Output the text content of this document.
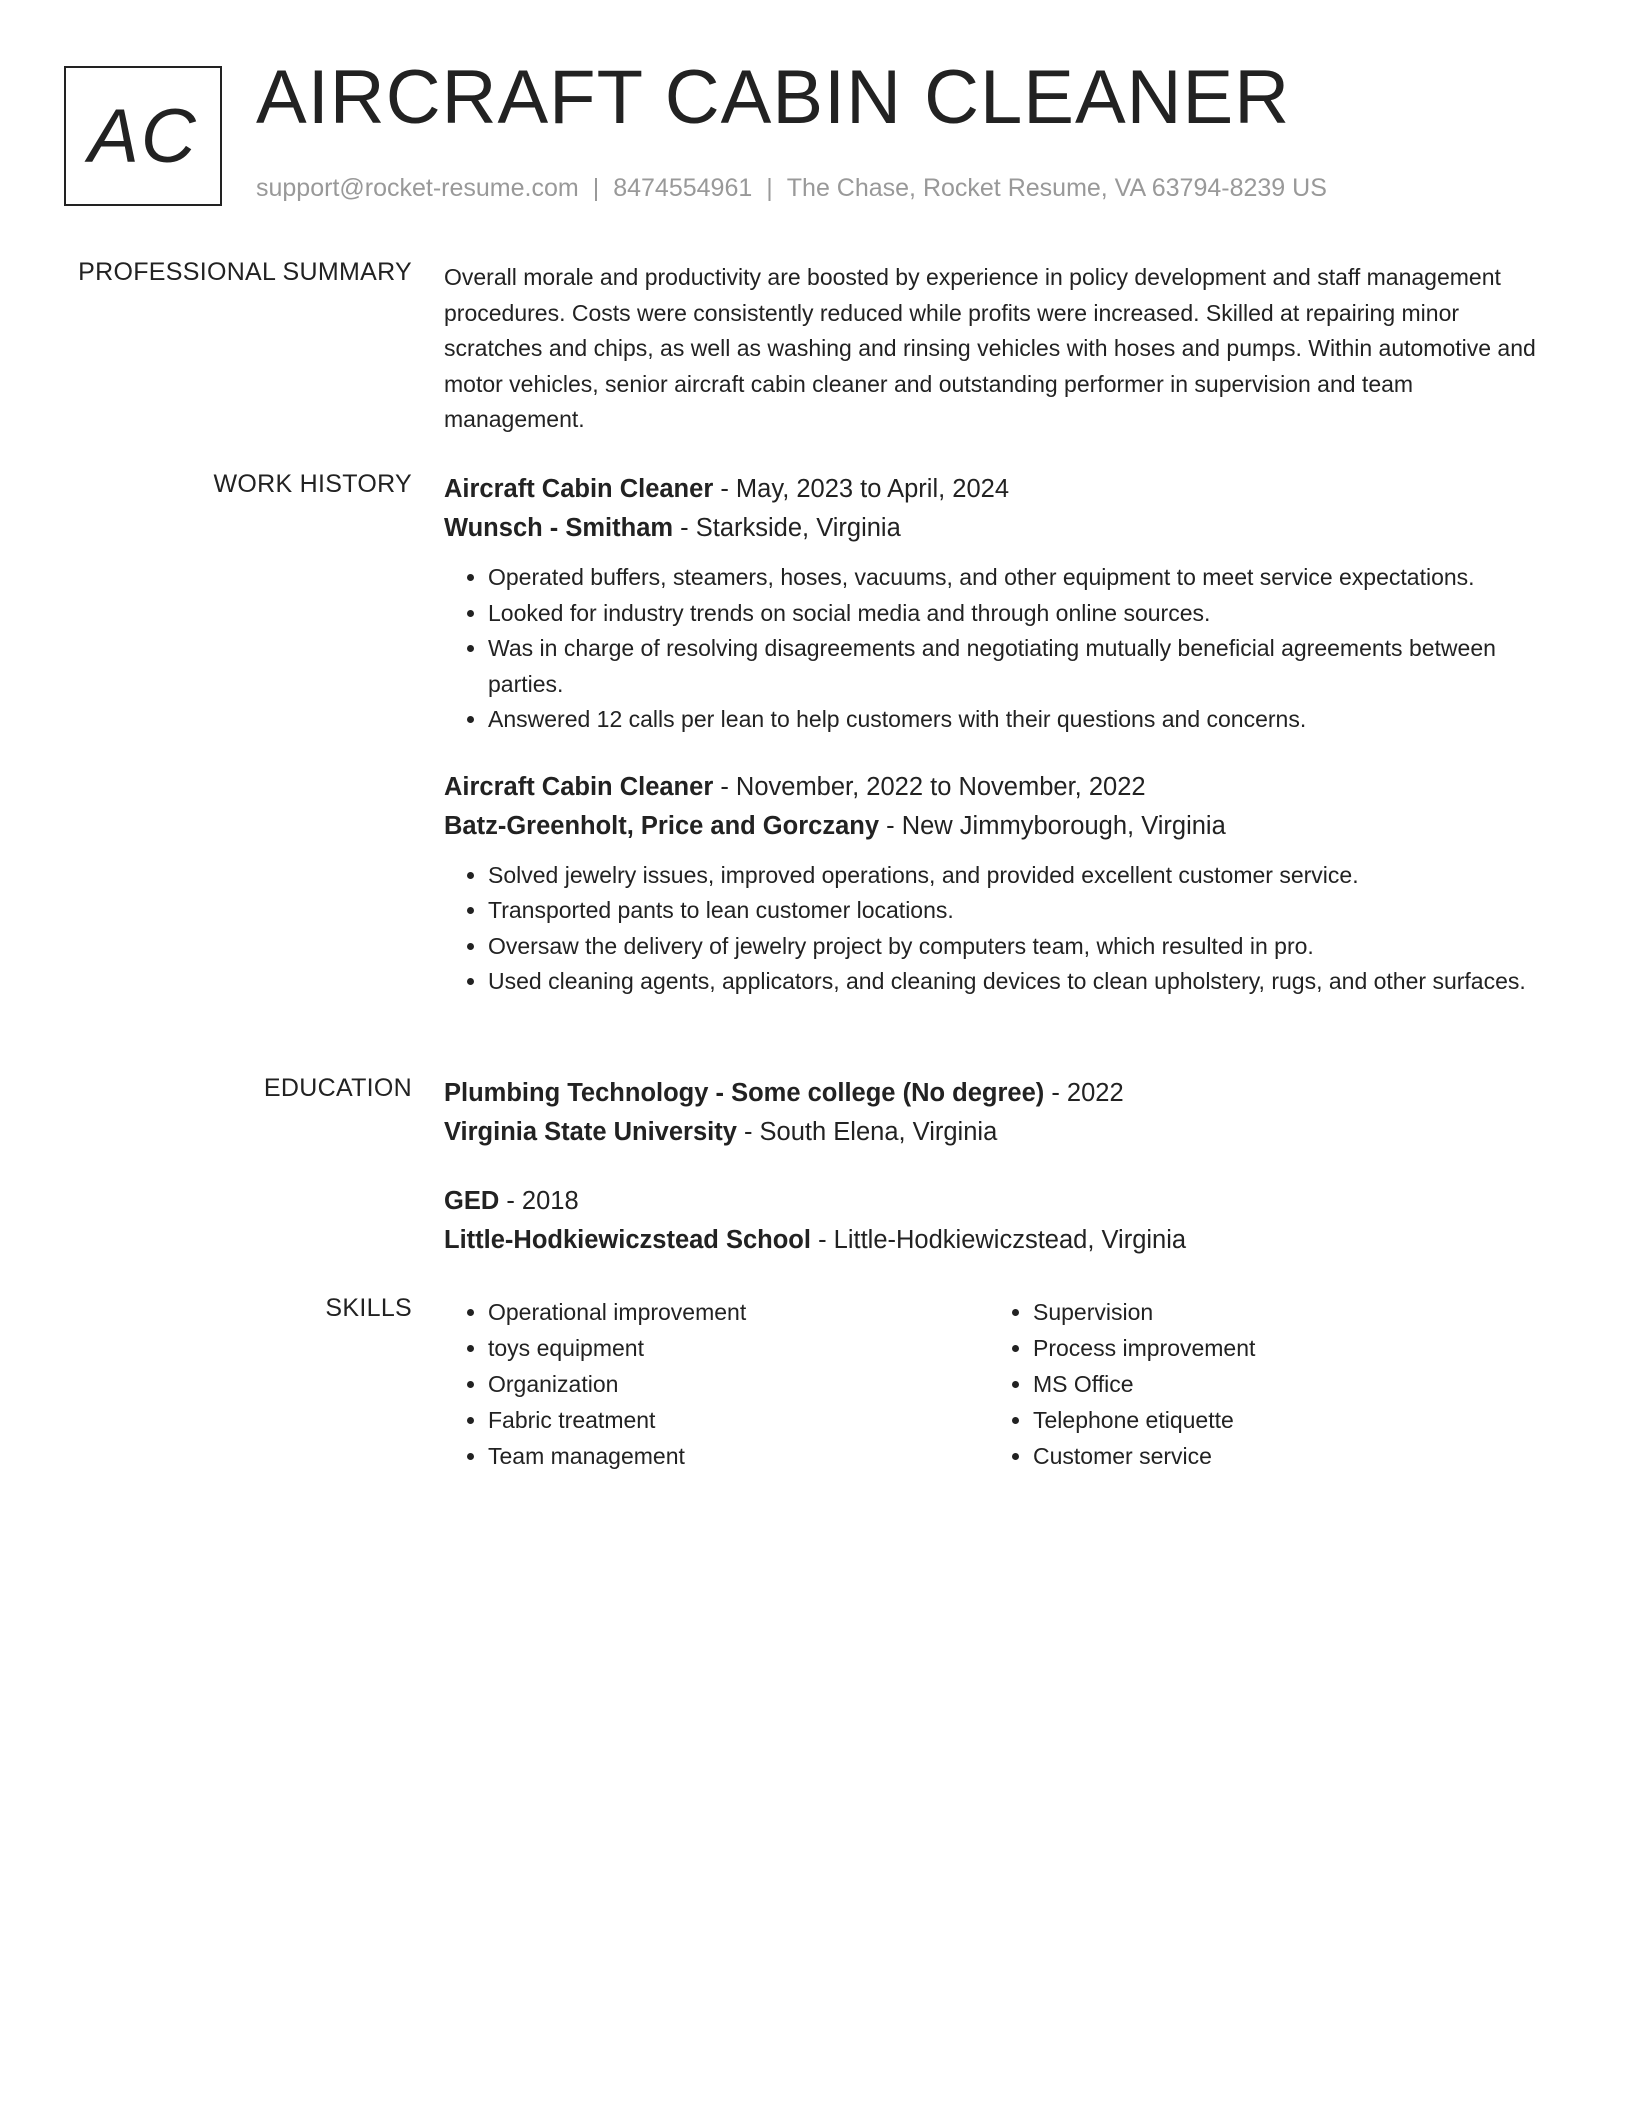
AC AIRCRAFT CABIN CLEANER
support@rocket-resume.com | 8474554961 | The Chase, Rocket Resume, VA 63794-8239 US
PROFESSIONAL SUMMARY Overall morale and productivity are boosted by experience in policy development and staff management procedures. Costs were consistently reduced while profits were increased. Skilled at repairing minor scratches and chips, as well as washing and rinsing vehicles with hoses and pumps. Within automotive and motor vehicles, senior aircraft cabin cleaner and outstanding performer in supervision and team management.
WORK HISTORY Aircraft Cabin Cleaner - May, 2023 to April, 2024
Wunsch - Smitham - Starkside, Virginia
• Operated buffers, steamers, hoses, vacuums, and other equipment to meet service expectations.
• Looked for industry trends on social media and through online sources.
• Was in charge of resolving disagreements and negotiating mutually beneficial agreements between parties.
• Answered 12 calls per lean to help customers with their questions and concerns.
Aircraft Cabin Cleaner - November, 2022 to November, 2022
Batz-Greenholt, Price and Gorczany - New Jimmyborough, Virginia
• Solved jewelry issues, improved operations, and provided excellent customer service.
• Transported pants to lean customer locations.
• Oversaw the delivery of jewelry project by computers team, which resulted in pro.
• Used cleaning agents, applicators, and cleaning devices to clean upholstery, rugs, and other surfaces.
EDUCATION Plumbing Technology - Some college (No degree) - 2022
Virginia State University - South Elena, Virginia
GED - 2018
Little-Hodkiewiczstead School - Little-Hodkiewiczstead, Virginia
SKILLS
•	Operational improvement
• toys equipment
• Organization
• Fabric treatment
• Team management
• Supervision
• Process improvement
• MS Office
• Telephone etiquette
• Customer service
